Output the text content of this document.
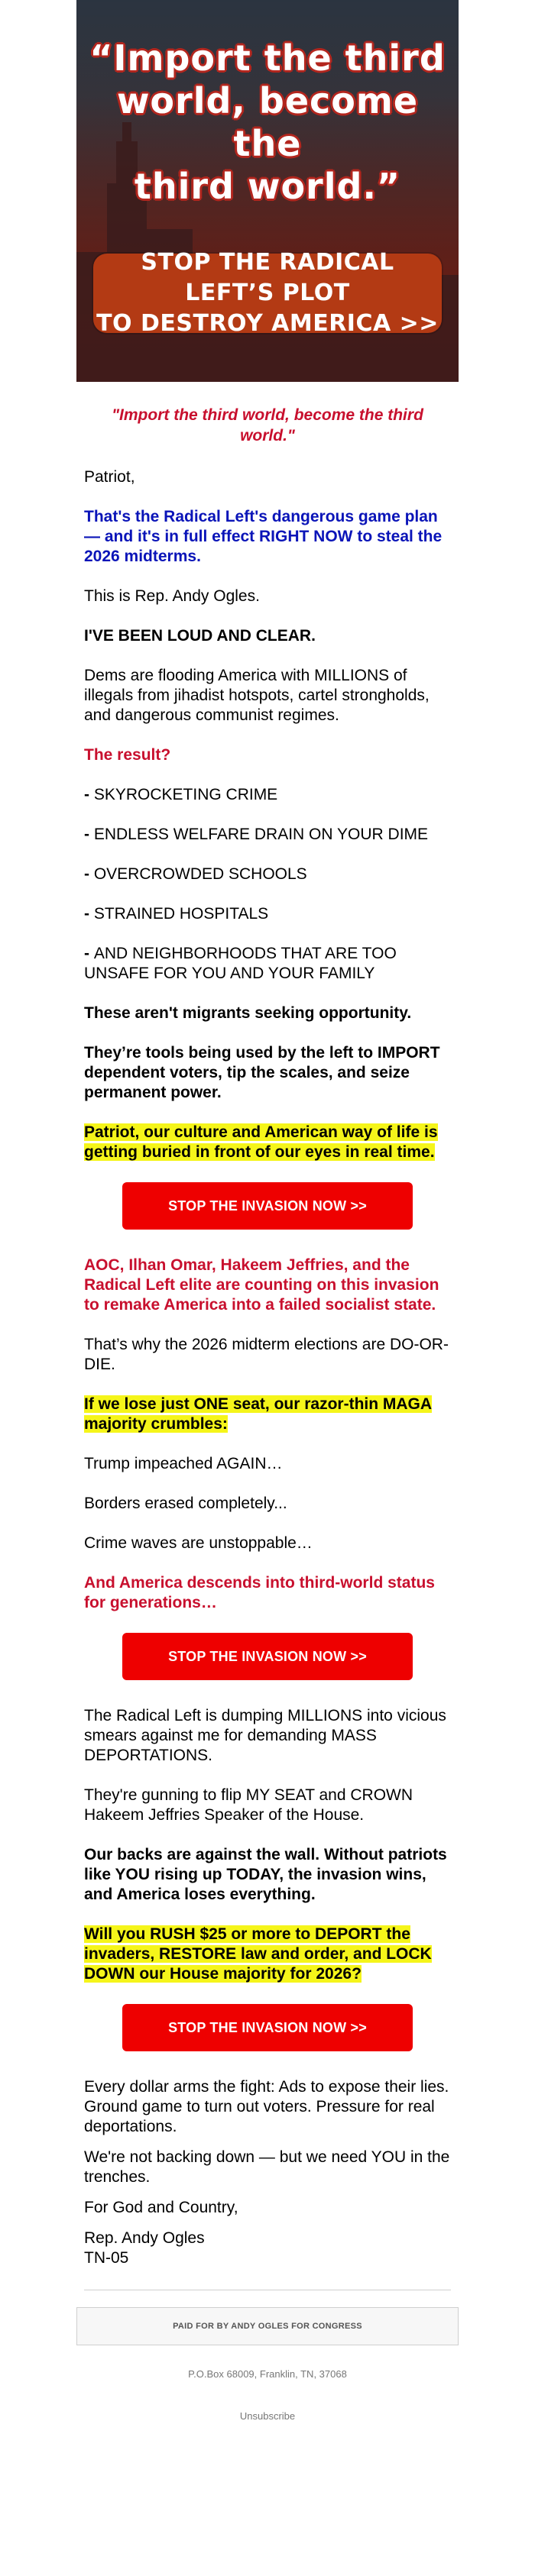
“Import the third
world, become the
third world.”
STOP THE RADICAL LEFT’S PLOT
TO DESTROY AMERICA >>

"Import the third world, become the third world."

Patriot,

That's the Radical Left's dangerous game plan — and it's in full effect RIGHT NOW to steal the 2026 midterms.

This is Rep. Andy Ogles.

I'VE BEEN LOUD AND CLEAR.

Dems are flooding America with MILLIONS of illegals from jihadist hotspots, cartel strongholds, and dangerous communist regimes.

The result?

- SKYROCKETING CRIME

- ENDLESS WELFARE DRAIN ON YOUR DIME

- OVERCROWDED SCHOOLS

- STRAINED HOSPITALS

- AND NEIGHBORHOODS THAT ARE TOO UNSAFE FOR YOU AND YOUR FAMILY

These aren't migrants seeking opportunity.

They’re tools being used by the left to IMPORT dependent voters, tip the scales, and seize permanent power.

Patriot, our culture and American way of life is getting buried in front of our eyes in real time.

STOP THE INVASION NOW >>

AOC, Ilhan Omar, Hakeem Jeffries, and the Radical Left elite are counting on this invasion to remake America into a failed socialist state.

That’s why the 2026 midterm elections are DO-OR-DIE.

If we lose just ONE seat, our razor-thin MAGA majority crumbles:

Trump impeached AGAIN…

Borders erased completely...

Crime waves are unstoppable…

And America descends into third-world status for generations…

STOP THE INVASION NOW >>

The Radical Left is dumping MILLIONS into vicious smears against me for demanding MASS DEPORTATIONS.

They're gunning to flip MY SEAT and CROWN Hakeem Jeffries Speaker of the House.

Our backs are against the wall. Without patriots like YOU rising up TODAY, the invasion wins, and America loses everything.

Will you RUSH $25 or more to DEPORT the invaders, RESTORE law and order, and LOCK DOWN our House majority for 2026?

STOP THE INVASION NOW >>

Every dollar arms the fight: Ads to expose their lies. Ground game to turn out voters. Pressure for real deportations.

We're not backing down — but we need YOU in the trenches.

For God and Country,

Rep. Andy Ogles
TN-05

PAID FOR BY ANDY OGLES FOR CONGRESS
P.O.Box 68009, Franklin, TN, 37068
Unsubscribe
